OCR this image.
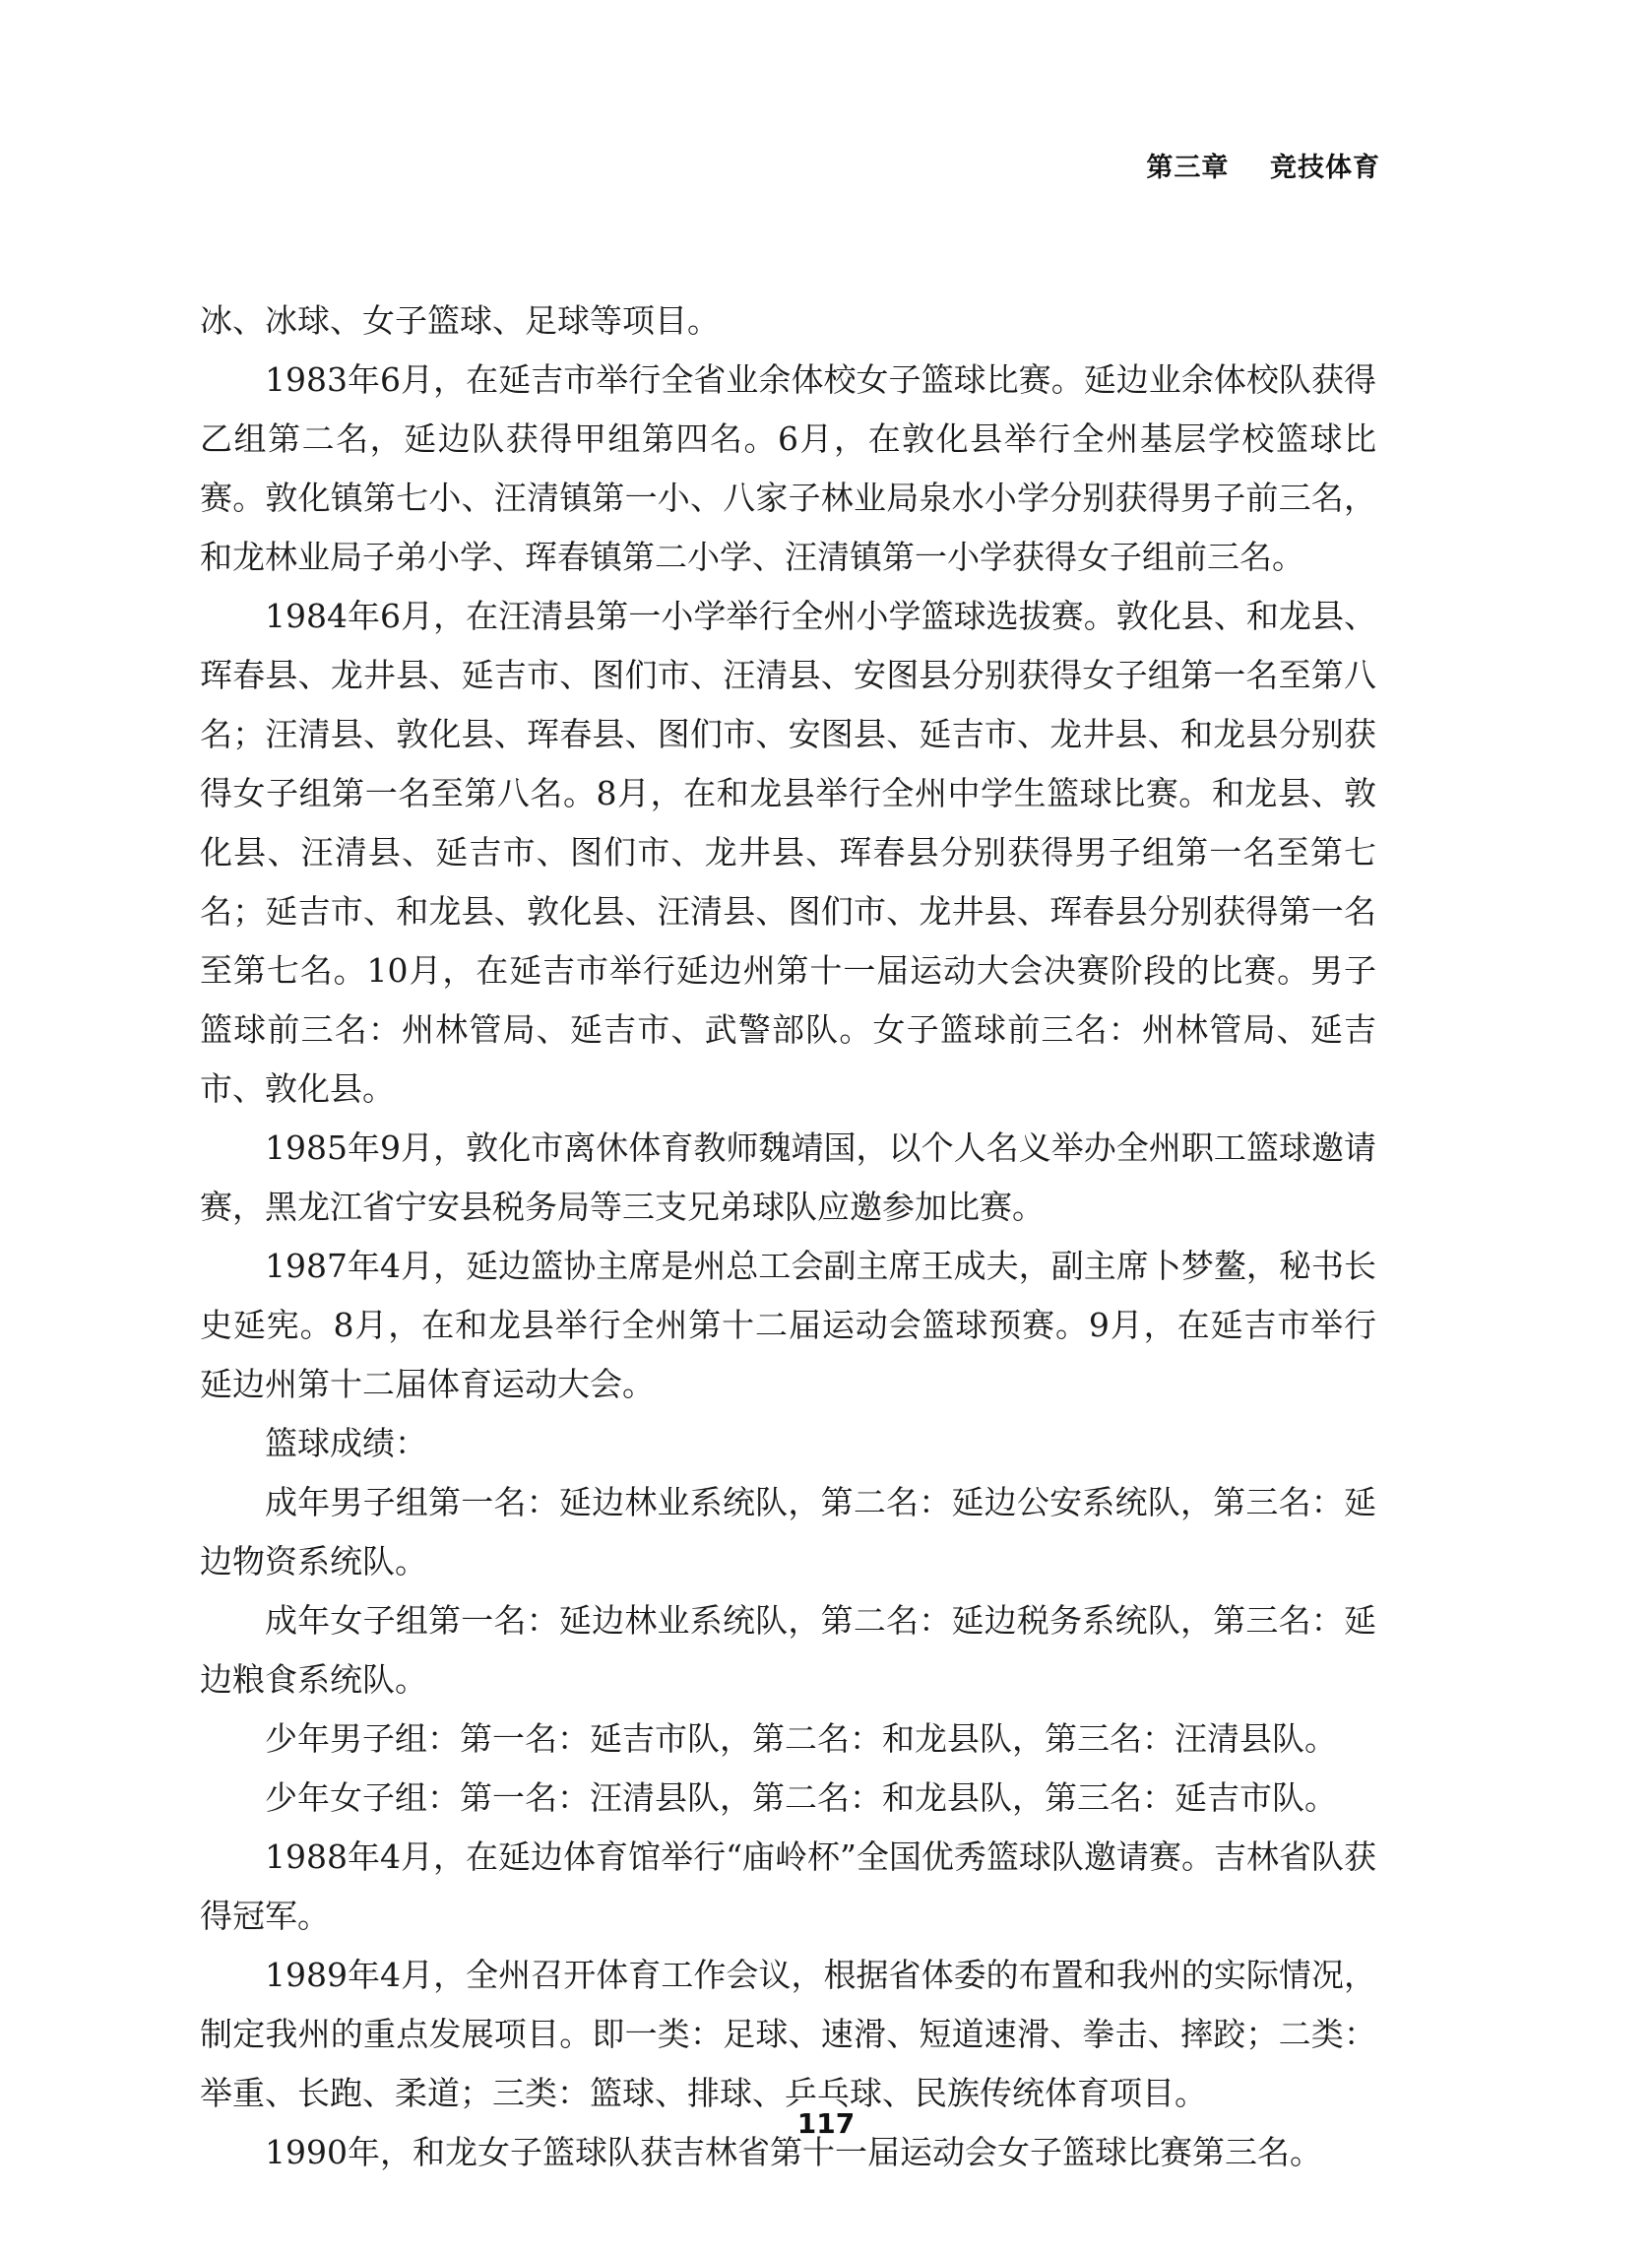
第三章    竞技体育

冰、冰球、女子篮球、足球等项目。

1983年6月，在延吉市举行全省业余体校女子篮球比赛。延边业余体校队获得乙组第二名，延边队获得甲组第四名。6月，在敦化县举行全州基层学校篮球比赛。敦化镇第七小、汪清镇第一小、八家子林业局泉水小学分别获得男子前三名，和龙林业局子弟小学、珲春镇第二小学、汪清镇第一小学获得女子组前三名。

1984年6月，在汪清县第一小学举行全州小学篮球选拔赛。敦化县、和龙县、珲春县、龙井县、延吉市、图们市、汪清县、安图县分别获得女子组第一名至第八名；汪清县、敦化县、珲春县、图们市、安图县、延吉市、龙井县、和龙县分别获得女子组第一名至第八名。8月，在和龙县举行全州中学生篮球比赛。和龙县、敦化县、汪清县、延吉市、图们市、龙井县、珲春县分别获得男子组第一名至第七名；延吉市、和龙县、敦化县、汪清县、图们市、龙井县、珲春县分别获得第一名至第七名。10月，在延吉市举行延边州第十一届运动大会决赛阶段的比赛。男子篮球前三名：州林管局、延吉市、武警部队。女子篮球前三名：州林管局、延吉市、敦化县。

1985年9月，敦化市离休体育教师魏靖国，以个人名义举办全州职工篮球邀请赛，黑龙江省宁安县税务局等三支兄弟球队应邀参加比赛。

1987年4月，延边篮协主席是州总工会副主席王成夫，副主席卜梦鳌，秘书长史延宪。8月，在和龙县举行全州第十二届运动会篮球预赛。9月，在延吉市举行延边州第十二届体育运动大会。

篮球成绩：

成年男子组第一名：延边林业系统队，第二名：延边公安系统队，第三名：延边物资系统队。

成年女子组第一名：延边林业系统队，第二名：延边税务系统队，第三名：延边粮食系统队。

少年男子组：第一名：延吉市队，第二名：和龙县队，第三名：汪清县队。

少年女子组：第一名：汪清县队，第二名：和龙县队，第三名：延吉市队。

1988年4月，在延边体育馆举行“庙岭杯”全国优秀篮球队邀请赛。吉林省队获得冠军。

1989年4月，全州召开体育工作会议，根据省体委的布置和我州的实际情况，制定我州的重点发展项目。即一类：足球、速滑、短道速滑、拳击、摔跤；二类：举重、长跑、柔道；三类：篮球、排球、乒乓球、民族传统体育项目。

1990年，和龙女子篮球队获吉林省第十一届运动会女子篮球比赛第三名。

117
